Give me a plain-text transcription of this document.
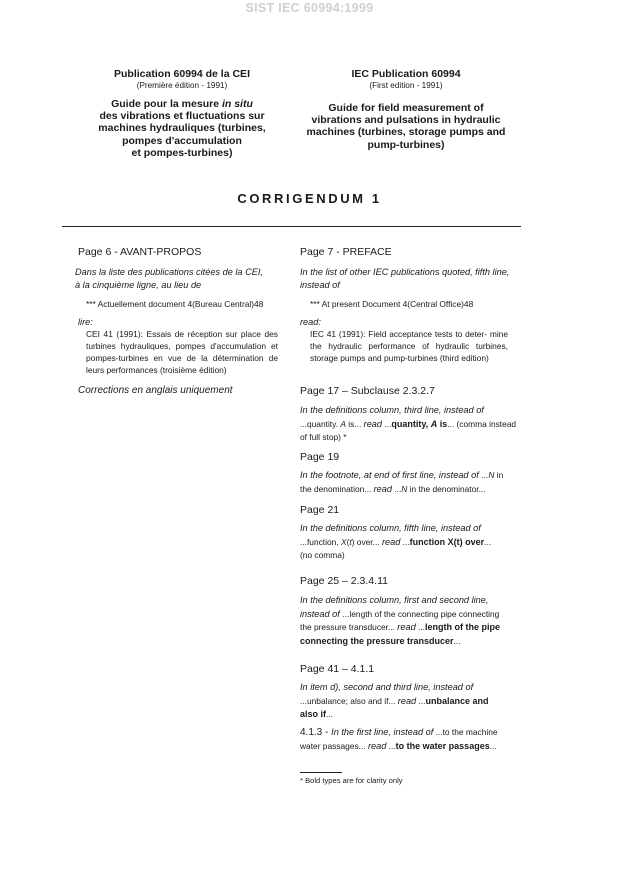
SIST IEC 60994:1999
Publication 60994 de la CEI
(Première édition - 1991)
Guide pour la mesure in situ
des vibrations et fluctuations sur
machines hydrauliques (turbines,
pompes d'accumulation
et pompes-turbines)
IEC Publication 60994
(First edition - 1991)
Guide for field measurement of
vibrations and pulsations in hydraulic
machines (turbines, storage pumps and
pump-turbines)
CORRIGENDUM 1
Page 6 - AVANT-PROPOS
Dans la liste des publications citées de la CEI,
à la cinquième ligne, au lieu de
*** Actuellement document 4(Bureau Central)48
lire:
CEI 41 (1991): Essais de réception sur place des turbines hydrauliques, pompes d'accumulation et pompes-turbines en vue de la détermination de leurs performances (troisième édition)
Corrections en anglais uniquement
Page 7 - PREFACE
In the list of other IEC publications quoted, fifth line,
instead of
*** At present Document 4(Central Office)48
read:
IEC 41 (1991): Field acceptance tests to deter- mine the hydraulic performance of hydraulic turbines, storage pumps and pump-turbines (third edition)
Page 17 – Subclause 2.3.2.7
In the definitions column, third line, instead of
...quantity. A is... read ...quantity, A is... (comma instead
of full stop) *
Page 19
In the footnote, at end of first line, instead of ...N in
the denomination... read ...N in the denominator...
Page 21
In the definitions column, fifth line, instead of
...function, X(t) over... read ...function X(t) over...
(no comma)
Page 25 – 2.3.4.11
In the definitions column, first and second line,
instead of ...length of the connecting pipe connecting
the pressure transducer... read ...length of the pipe
connecting the pressure transducer...
Page 41 – 4.1.1
In item d), second and third line, instead of
...unbalance; also and if... read ...unbalance and
also if...
4.1.3 - In the first line, instead of ...to the machine
water passages... read ...to the water passages...
* Bold types are for clarity only
